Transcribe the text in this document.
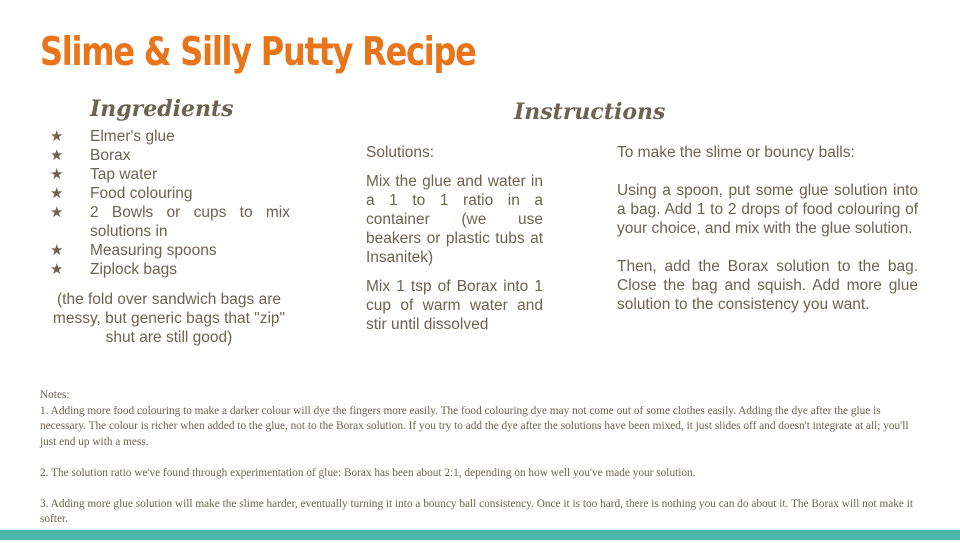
Slime & Silly Putty Recipe
Ingredients	Instructions
★ Elmer's glue
★ Borax
★ Tap water
★ Food colouring
★ 2 Bowls or cups to mix solutions in
★ Measuring spoons
★ Ziplock bags
(the fold over sandwich bags are messy, but generic bags that "zip" shut are still good)

Solutions:

Mix the glue and water in a 1 to 1 ratio in a container (we use beakers or plastic tubs at Insanitek)

Mix 1 tsp of Borax into 1 cup of warm water and stir until dissolved

To make the slime or bouncy balls:

Using a spoon, put some glue solution into a bag. Add 1 to 2 drops of food colouring of your choice, and mix with the glue solution.

Then, add the Borax solution to the bag. Close the bag and squish. Add more glue solution to the consistency you want.

Notes:

1. Adding more food colouring to make a darker colour will dye the fingers more easily. The food colouring dye may not come out of some clothes easily. Adding the dye after the glue is necessary. The colour is richer when added to the glue, not to the Borax solution. If you try to add the dye after the solutions have been mixed, it just slides off and doesn't integrate at all; you'll just end up with a mess.

2. The solution ratio we've found through experimentation of glue: Borax has been about 2:1, depending on how well you've made your solution.

3. Adding more glue solution will make the slime harder, eventually turning it into a bouncy ball consistency. Once it is too hard, there is nothing you can do about it. The Borax will not make it softer.
